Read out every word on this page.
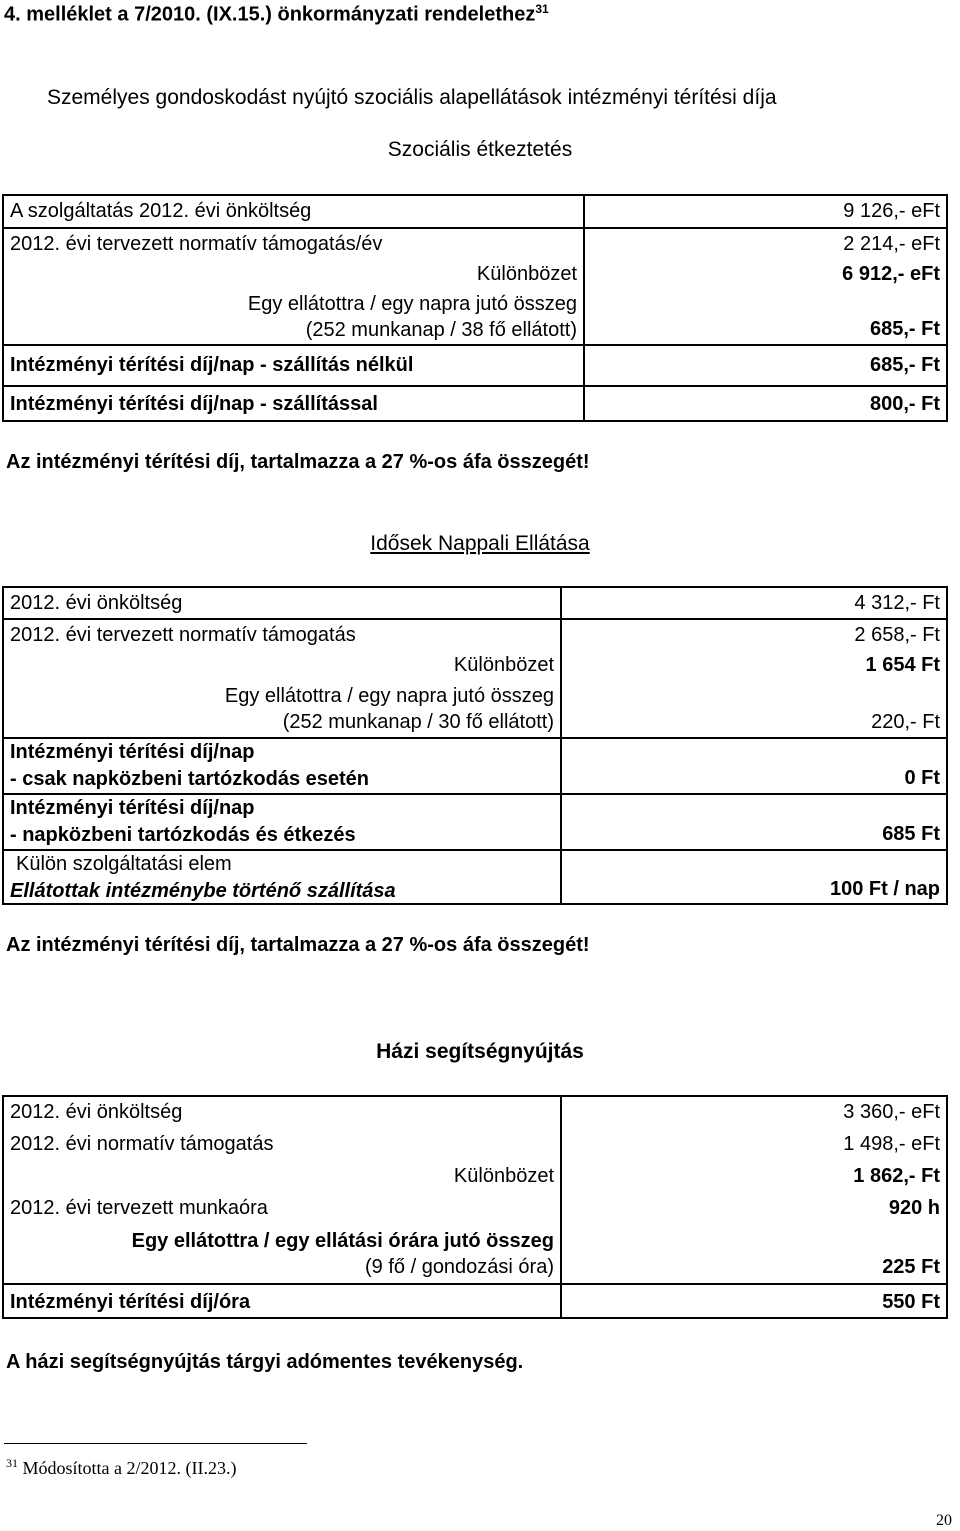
4. melléklet a 7/2010. (IX.15.) önkormányzati rendelethez$^{31}$
Személyes gondoskodást nyújtó szociális alapellátások intézményi térítési díja
Szociális étkeztetés
A szolgáltatás 2012. évi önköltség	9 126,- eFt
2012. évi tervezett normatív támogatás/év	2 214,- eFt
Különbözet	6 912,- eFt
Egy ellátottra / egy napra jutó összeg
(252 munkanap / 38 fő ellátott)	685,- Ft
Intézményi térítési díj/nap - szállítás nélkül	685,- Ft
Intézményi térítési díj/nap - szállítással	800,- Ft
Az intézményi térítési díj, tartalmazza a 27 %-os áfa összegét!
Idősek Nappali Ellátása
2012. évi önköltség	4 312,- Ft
2012. évi tervezett normatív támogatás	2 658,- Ft
Különbözet	1 654 Ft
Egy ellátottra / egy napra jutó összeg
(252 munkanap / 30 fő ellátott)	220,- Ft
Intézményi térítési díj/nap
- csak napközbeni tartózkodás esetén	0 Ft
Intézményi térítési díj/nap
- napközbeni tartózkodás és étkezés	685 Ft
Külön szolgáltatási elem
Ellátottak intézménybe történő szállítása	100 Ft / nap
Az intézményi térítési díj, tartalmazza a 27 %-os áfa összegét!
Házi segítségnyújtás
2012. évi önköltség	3 360,- eFt
2012. évi normatív támogatás	1 498,- eFt
Különbözet	1 862,- Ft
2012. évi tervezett munkaóra	920 h
Egy ellátottra / egy ellátási órára jutó összeg
(9 fő / gondozási óra)	225 Ft
Intézményi térítési díj/óra	550 Ft
A házi segítségnyújtás tárgyi adómentes tevékenység.
$^{31}$ Módosította a 2/2012. (II.23.)
20
